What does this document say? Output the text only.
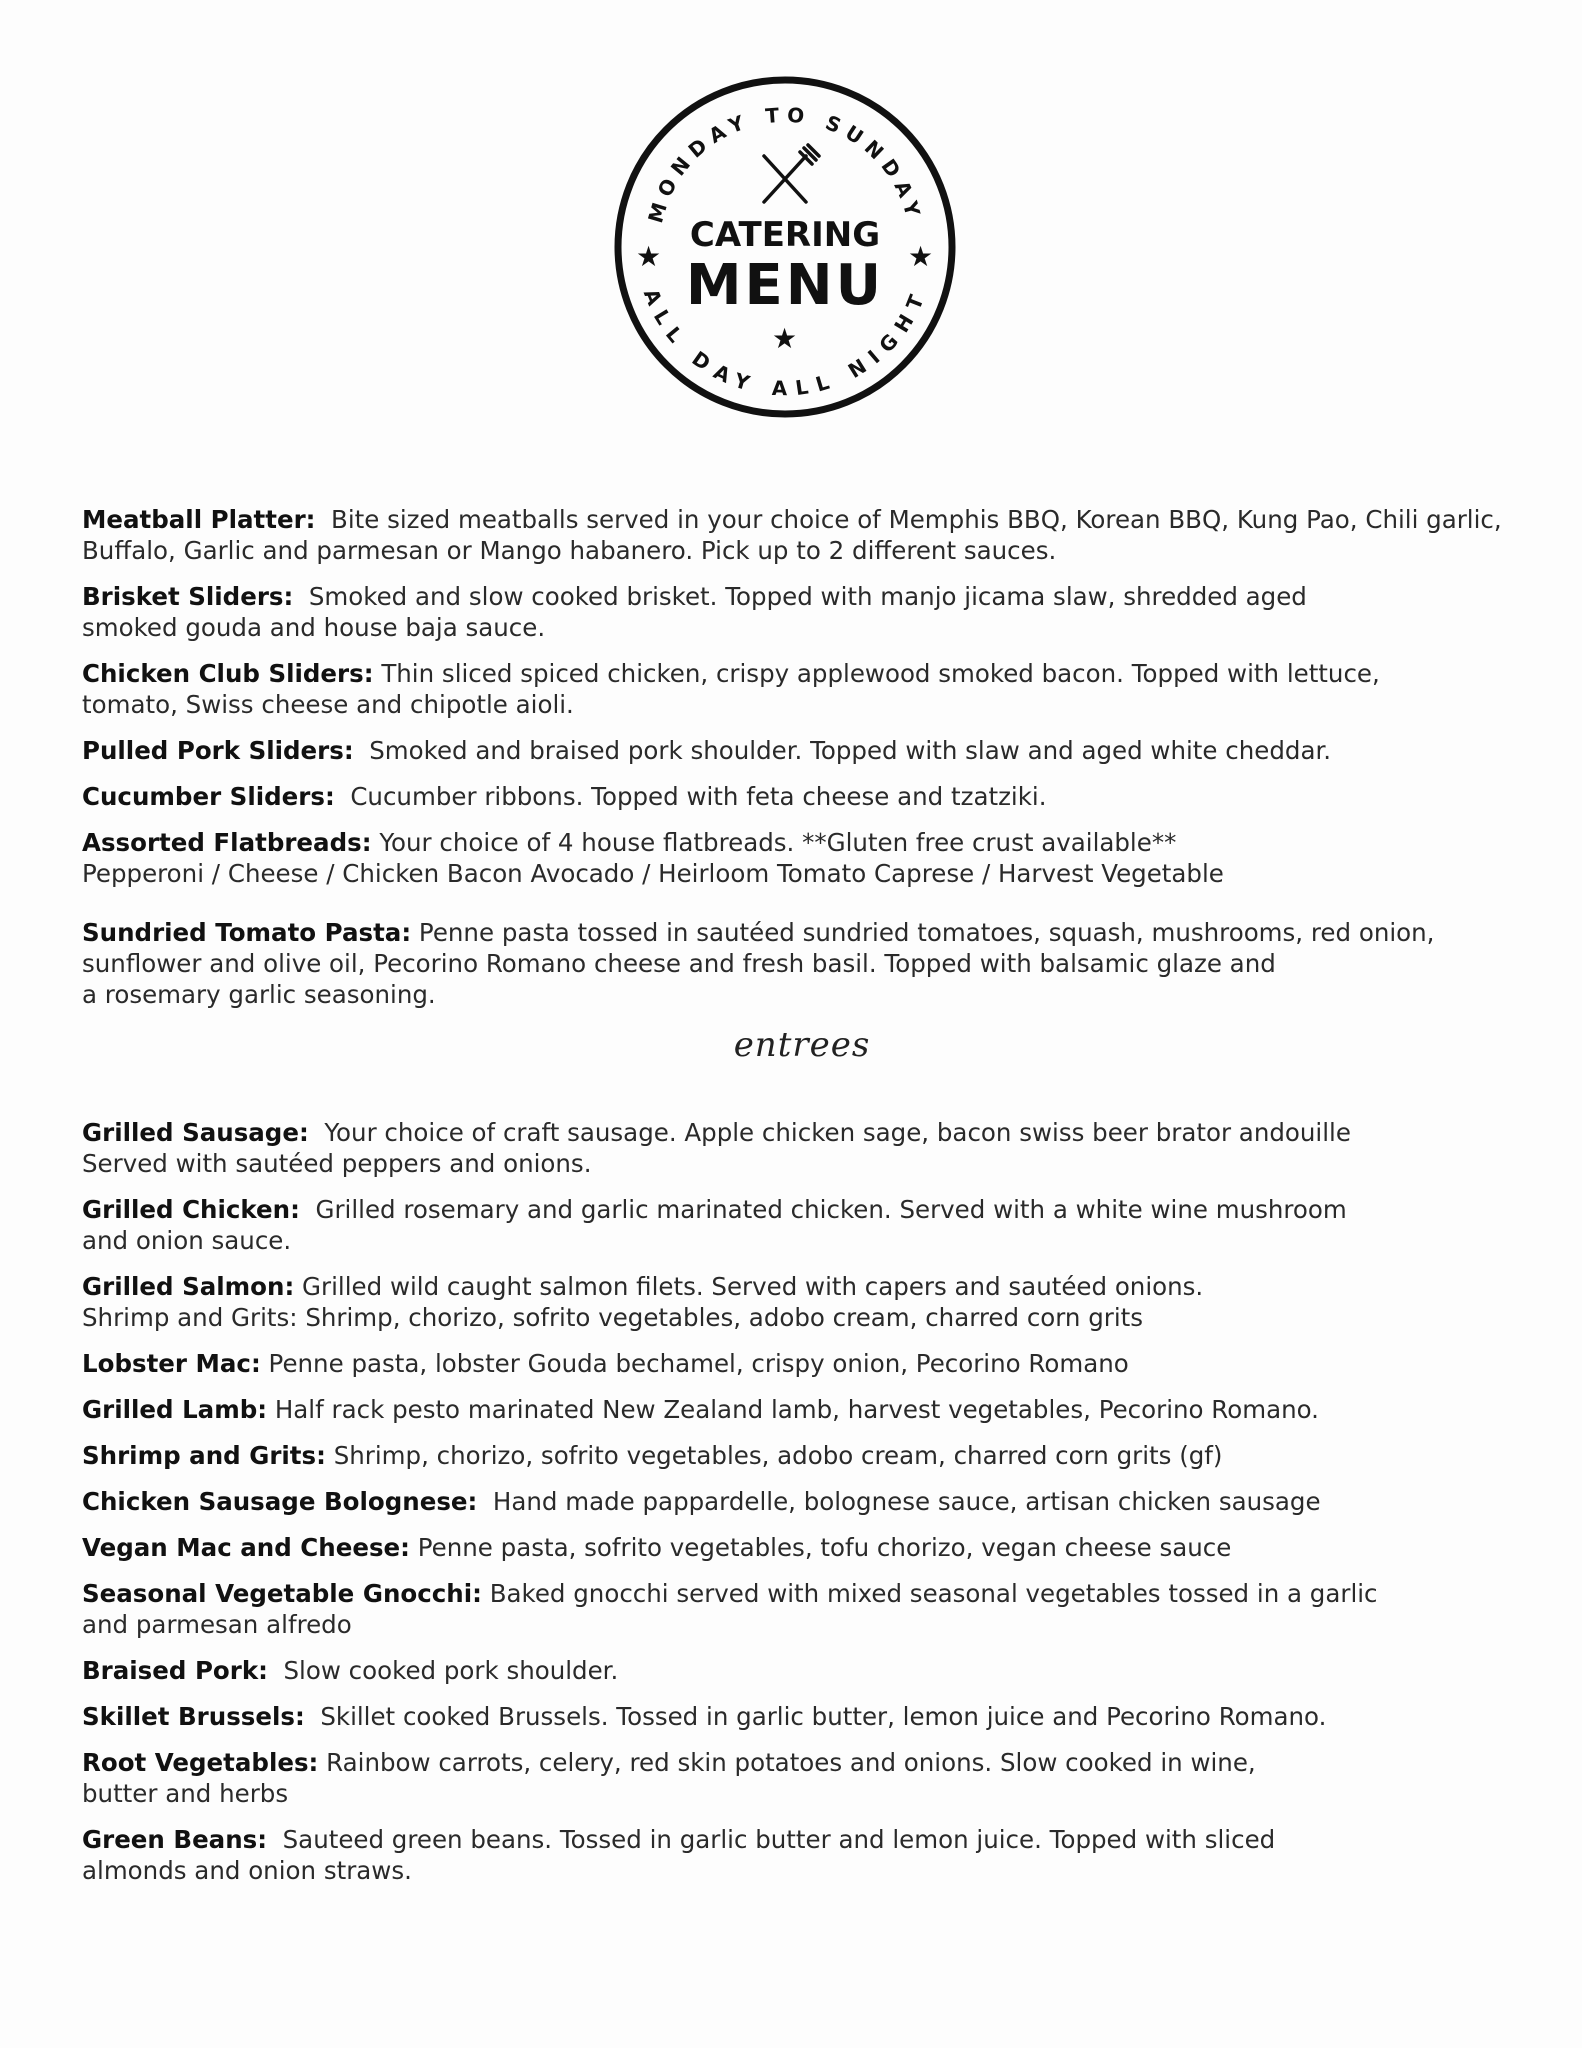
MONDAY TO SUNDAY
ALL DAY ALL NIGHT
CATERING
MENU
★	★
★
Meatball Platter: Bite sized meatballs served in your choice of Memphis BBQ, Korean BBQ, Kung Pao, Chili garlic,
Buffalo, Garlic and parmesan or Mango habanero. Pick up to 2 different sauces.
Brisket Sliders: Smoked and slow cooked brisket. Topped with manjo jicama slaw, shredded aged
smoked gouda and house baja sauce.
Chicken Club Sliders: Thin sliced spiced chicken, crispy applewood smoked bacon. Topped with lettuce,
tomato, Swiss cheese and chipotle aioli.
Pulled Pork Sliders: Smoked and braised pork shoulder. Topped with slaw and aged white cheddar.
Cucumber Sliders: Cucumber ribbons. Topped with feta cheese and tzatziki.
Assorted Flatbreads: Your choice of 4 house flatbreads. **Gluten free crust available**
Pepperoni / Cheese / Chicken Bacon Avocado / Heirloom Tomato Caprese / Harvest Vegetable
Sundried Tomato Pasta: Penne pasta tossed in sautéed sundried tomatoes, squash, mushrooms, red onion,
sunflower and olive oil, Pecorino Romano cheese and fresh basil. Topped with balsamic glaze and
a rosemary garlic seasoning.
entrees
Grilled Sausage: Your choice of craft sausage. Apple chicken sage, bacon swiss beer brator andouille
Served with sautéed peppers and onions.
Grilled Chicken: Grilled rosemary and garlic marinated chicken. Served with a white wine mushroom
and onion sauce.
Grilled Salmon: Grilled wild caught salmon filets. Served with capers and sautéed onions.
Shrimp and Grits: Shrimp, chorizo, sofrito vegetables, adobo cream, charred corn grits
Lobster Mac: Penne pasta, lobster Gouda bechamel, crispy onion, Pecorino Romano
Grilled Lamb: Half rack pesto marinated New Zealand lamb, harvest vegetables, Pecorino Romano.
Shrimp and Grits: Shrimp, chorizo, sofrito vegetables, adobo cream, charred corn grits (gf)
Chicken Sausage Bolognese: Hand made pappardelle, bolognese sauce, artisan chicken sausage
Vegan Mac and Cheese: Penne pasta, sofrito vegetables, tofu chorizo, vegan cheese sauce
Seasonal Vegetable Gnocchi: Baked gnocchi served with mixed seasonal vegetables tossed in a garlic
and parmesan alfredo
Braised Pork: Slow cooked pork shoulder.
Skillet Brussels: Skillet cooked Brussels. Tossed in garlic butter, lemon juice and Pecorino Romano.
Root Vegetables: Rainbow carrots, celery, red skin potatoes and onions. Slow cooked in wine,
butter and herbs
Green Beans: Sauteed green beans. Tossed in garlic butter and lemon juice. Topped with sliced
almonds and onion straws.
